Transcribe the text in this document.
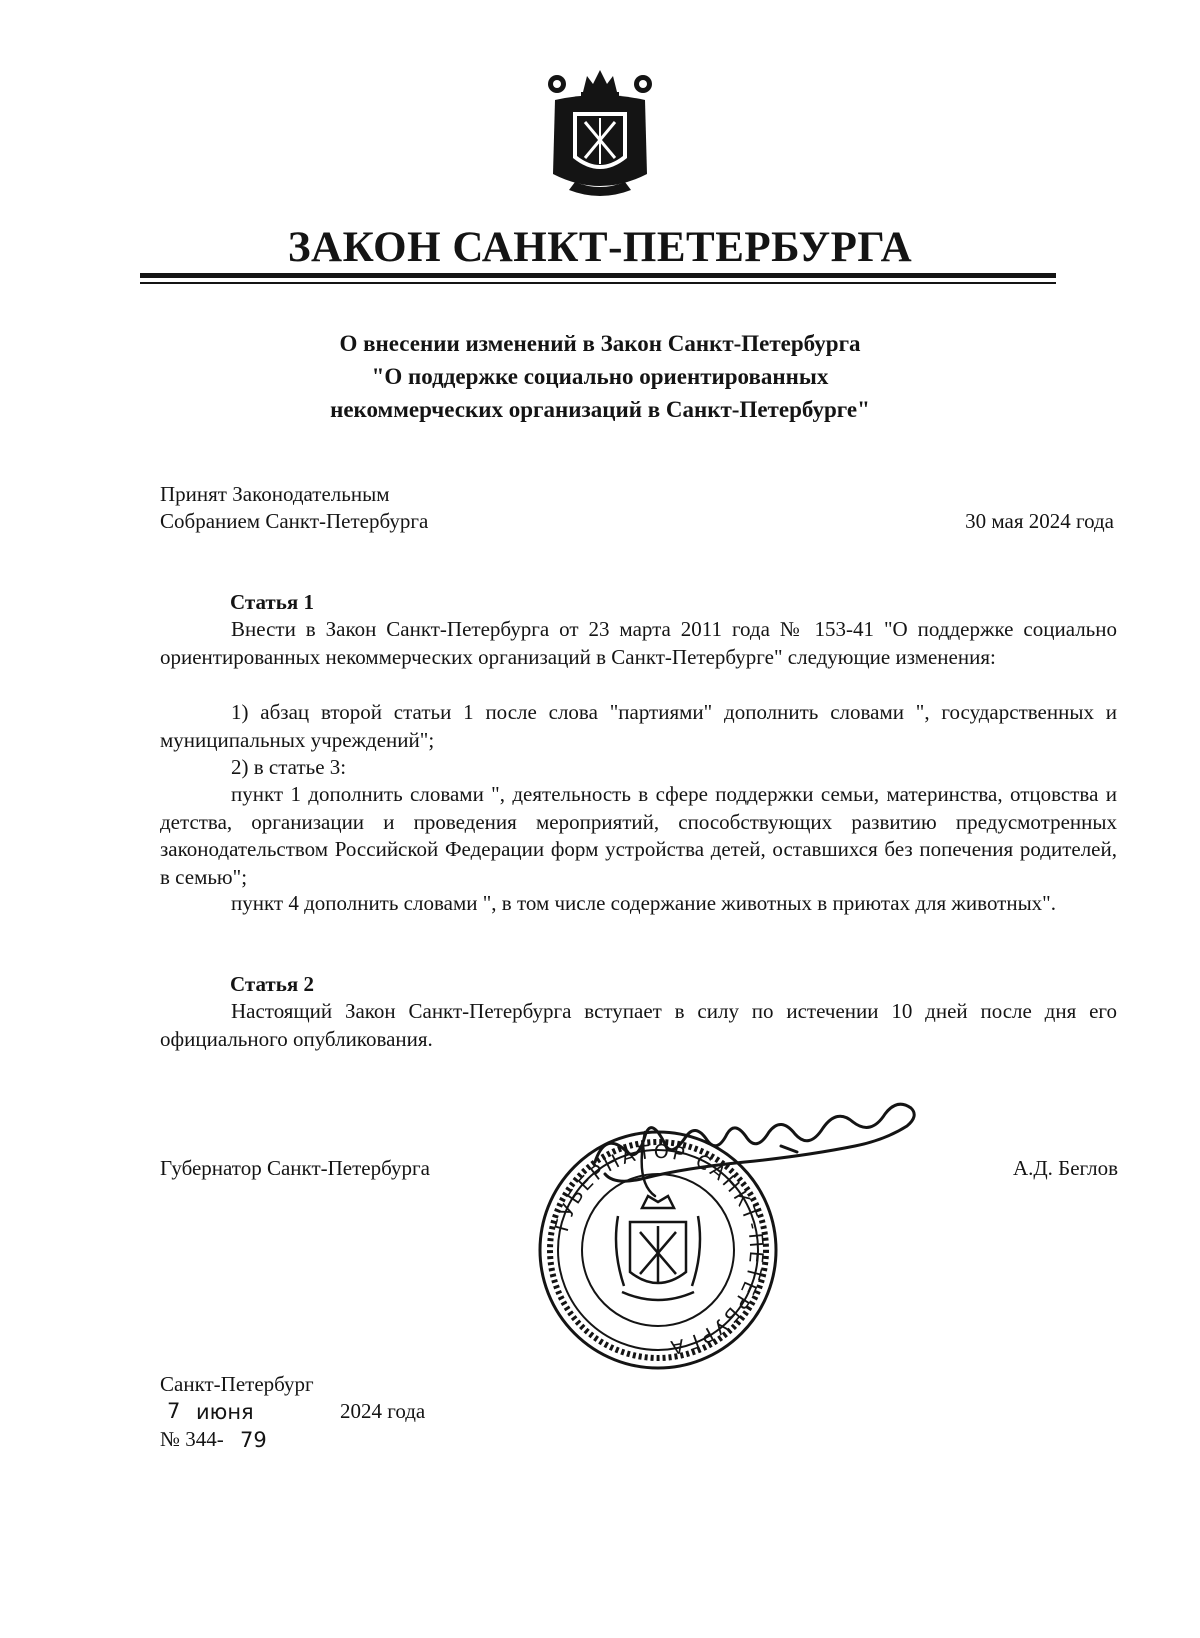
ЗАКОН САНКТ-ПЕТЕРБУРГА
О внесении изменений в Закон Санкт-Петербурга
"О поддержке социально ориентированных
некоммерческих организаций в Санкт-Петербурге"
Принят Законодательным
Собранием Санкт-Петербурга	30 мая 2024 года
Статья 1
Внести в Закон Санкт-Петербурга от 23 марта 2011 года № 153-41 "О поддержке социально ориентированных некоммерческих организаций в Санкт-Петербурге" следующие изменения:
1) абзац второй статьи 1 после слова "партиями" дополнить словами ", государственных и муниципальных учреждений";
2) в статье 3:
пункт 1 дополнить словами ", деятельность в сфере поддержки семьи, материнства, отцовства и детства, организации и проведения мероприятий, способствующих развитию предусмотренных законодательством Российской Федерации форм устройства детей, оставшихся без попечения родителей, в семью";
пункт 4 дополнить словами ", в том числе содержание животных в приютах для животных".
Статья 2
Настоящий Закон Санкт-Петербурга вступает в силу по истечении 10 дней после дня его официального опубликования.
Губернатор Санкт-Петербурга	А.Д. Беглов
ГУБЕРНАТОР САНКТ-ПЕТЕРБУРГА
Санкт-Петербург
7 июня	2024 года
№ 344- 79
